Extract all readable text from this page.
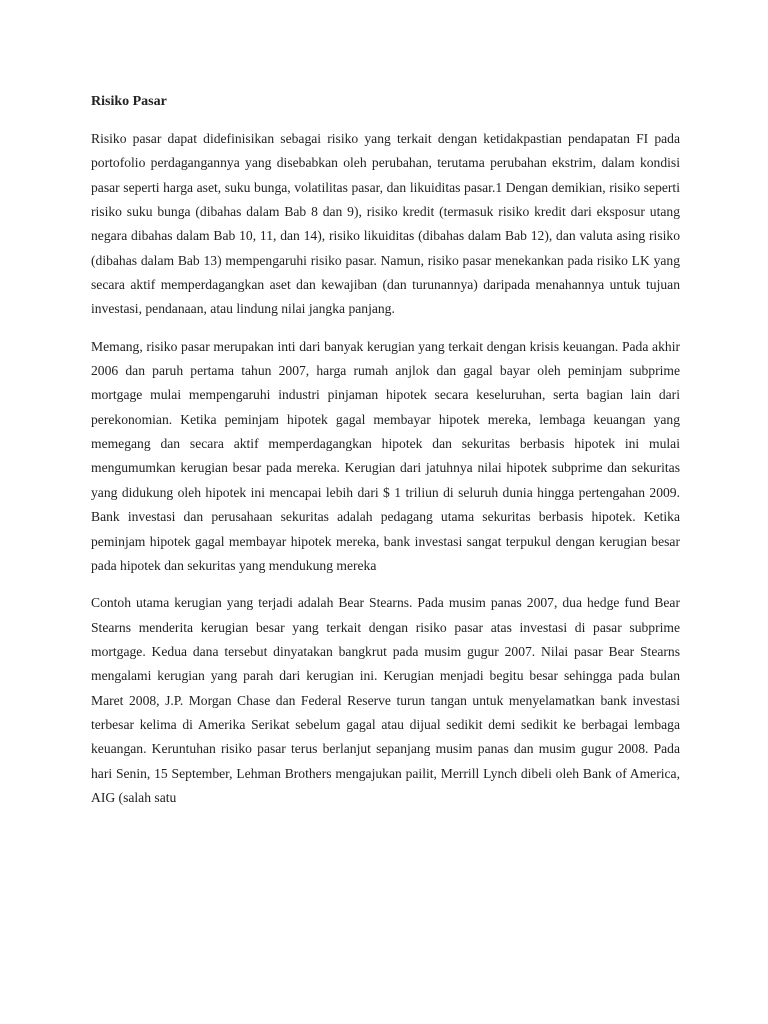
Risiko Pasar

Risiko pasar dapat didefinisikan sebagai risiko yang terkait dengan ketidakpastian pendapatan FI pada portofolio perdagangannya yang disebabkan oleh perubahan, terutama perubahan ekstrim, dalam kondisi pasar seperti harga aset, suku bunga, volatilitas pasar, dan likuiditas pasar.1 Dengan demikian, risiko seperti risiko suku bunga (dibahas dalam Bab 8 dan 9), risiko kredit (termasuk risiko kredit dari eksposur utang negara dibahas dalam Bab 10, 11, dan 14), risiko likuiditas (dibahas dalam Bab 12), dan valuta asing risiko (dibahas dalam Bab 13) mempengaruhi risiko pasar. Namun, risiko pasar menekankan pada risiko LK yang secara aktif memperdagangkan aset dan kewajiban (dan turunannya) daripada menahannya untuk tujuan investasi, pendanaan, atau lindung nilai jangka panjang.

Memang, risiko pasar merupakan inti dari banyak kerugian yang terkait dengan krisis keuangan. Pada akhir 2006 dan paruh pertama tahun 2007, harga rumah anjlok dan gagal bayar oleh peminjam subprime mortgage mulai mempengaruhi industri pinjaman hipotek secara keseluruhan, serta bagian lain dari perekonomian. Ketika peminjam hipotek gagal membayar hipotek mereka, lembaga keuangan yang memegang dan secara aktif memperdagangkan hipotek dan sekuritas berbasis hipotek ini mulai mengumumkan kerugian besar pada mereka. Kerugian dari jatuhnya nilai hipotek subprime dan sekuritas yang didukung oleh hipotek ini mencapai lebih dari $ 1 triliun di seluruh dunia hingga pertengahan 2009. Bank investasi dan perusahaan sekuritas adalah pedagang utama sekuritas berbasis hipotek. Ketika peminjam hipotek gagal membayar hipotek mereka, bank investasi sangat terpukul dengan kerugian besar pada hipotek dan sekuritas yang mendukung mereka

Contoh utama kerugian yang terjadi adalah Bear Stearns. Pada musim panas 2007, dua hedge fund Bear Stearns menderita kerugian besar yang terkait dengan risiko pasar atas investasi di pasar subprime mortgage. Kedua dana tersebut dinyatakan bangkrut pada musim gugur 2007. Nilai pasar Bear Stearns mengalami kerugian yang parah dari kerugian ini. Kerugian menjadi begitu besar sehingga pada bulan Maret 2008, J.P. Morgan Chase dan Federal Reserve turun tangan untuk menyelamatkan bank investasi terbesar kelima di Amerika Serikat sebelum gagal atau dijual sedikit demi sedikit ke berbagai lembaga keuangan. Keruntuhan risiko pasar terus berlanjut sepanjang musim panas dan musim gugur 2008. Pada hari Senin, 15 September, Lehman Brothers mengajukan pailit, Merrill Lynch dibeli oleh Bank of America, AIG (salah satu
